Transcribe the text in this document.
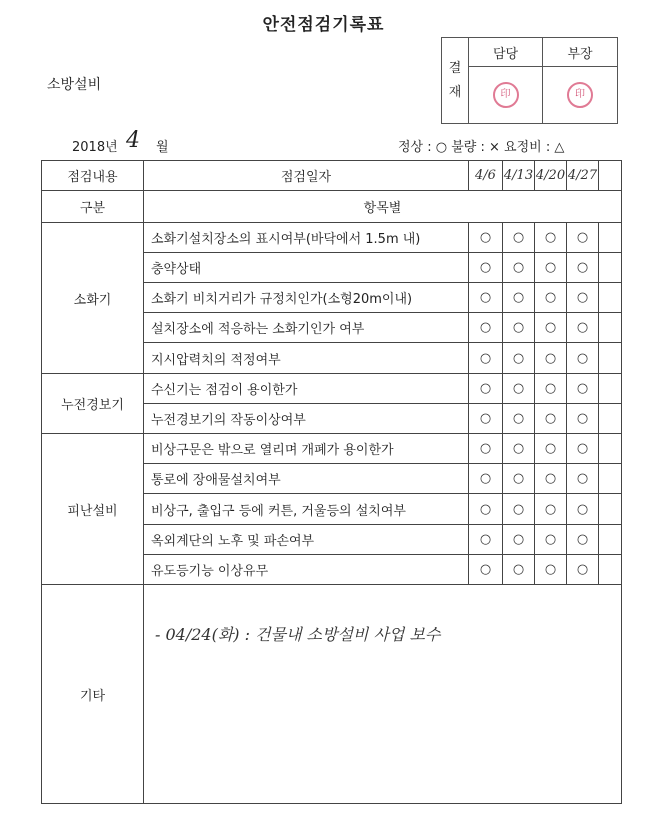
안전점검기록표
소방설비
결
재	담당	부장
	印	印
2018년 4 월	정상 : ○ 불량 : × 요정비 : △
점검내용	점검일자	4/6	4/13	4/20	4/27	
구분	항목별					
소화기	소화기설치장소의 표시여부(바닥에서 1.5m 내)	○	○	○	○	
	충약상태	○	○	○	○	
	소화기 비치거리가 규정치인가(소형20m이내)	○	○	○	○	
	설치장소에 적응하는 소화기인가 여부	○	○	○	○	
	지시압력치의 적정여부	○	○	○	○	
누전경보기	수신기는 점검이 용이한가	○	○	○	○	
	누전경보기의 작동이상여부	○	○	○	○	
피난설비	비상구문은 밖으로 열리며 개폐가 용이한가	○	○	○	○	
	통로에 장애물설치여부	○	○	○	○	
	비상구, 출입구 등에 커튼, 거울등의 설치여부	○	○	○	○	
	옥외계단의 노후 및 파손여부	○	○	○	○	
	유도등기능 이상유무	○	○	○	○	
기타						
- 04/24(화) : 건물내 소방설비 사업 보수
